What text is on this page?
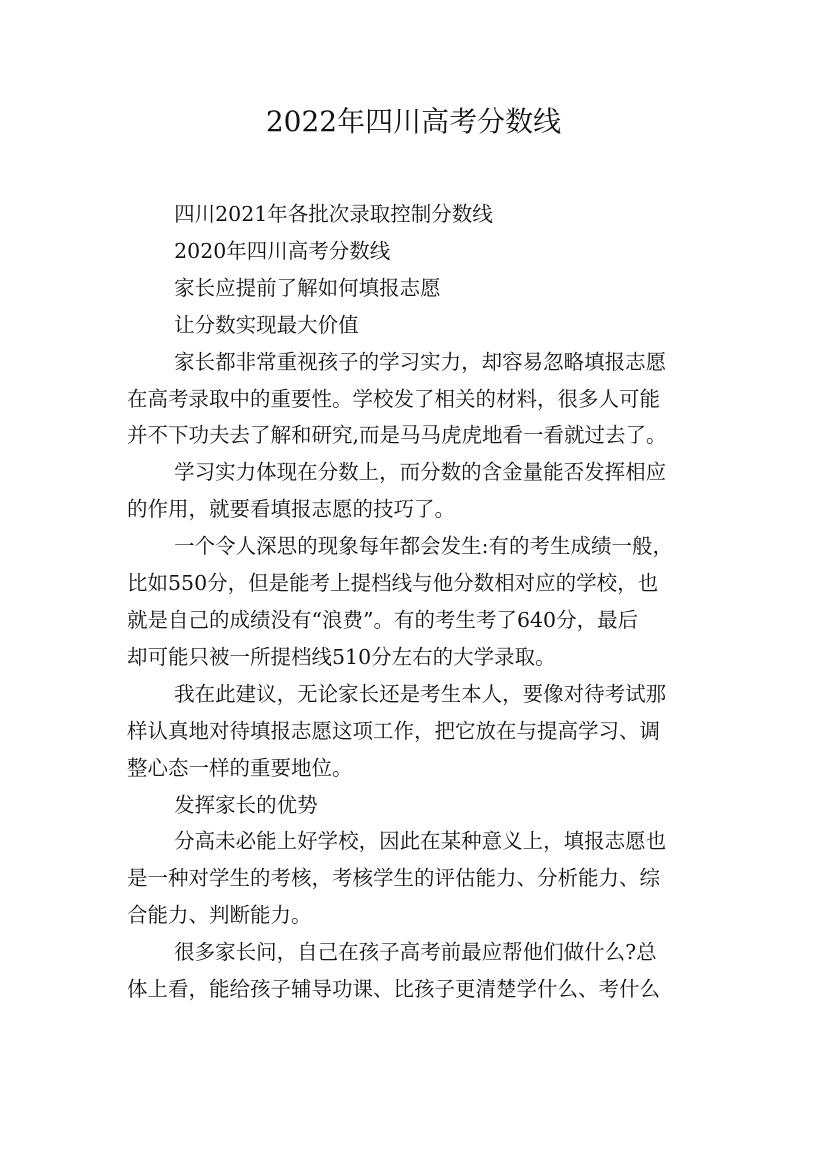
2022年四川高考分数线

四川2021年各批次录取控制分数线

2020年四川高考分数线

家长应提前了解如何填报志愿

让分数实现最大价值

家长都非常重视孩子的学习实力，却容易忽略填报志愿
在高考录取中的重要性。学校发了相关的材料，很多人可能
并不下功夫去了解和研究,而是马马虎虎地看一看就过去了。

学习实力体现在分数上，而分数的含金量能否发挥相应
的作用，就要看填报志愿的技巧了。

一个令人深思的现象每年都会发生:有的考生成绩一般，
比如550分，但是能考上提档线与他分数相对应的学校，也
就是自己的成绩没有“浪费”。有的考生考了640分，最后
却可能只被一所提档线510分左右的大学录取。

我在此建议，无论家长还是考生本人，要像对待考试那
样认真地对待填报志愿这项工作，把它放在与提高学习、调
整心态一样的重要地位。

发挥家长的优势

分高未必能上好学校，因此在某种意义上，填报志愿也
是一种对学生的考核，考核学生的评估能力、分析能力、综
合能力、判断能力。

很多家长问，自己在孩子高考前最应帮他们做什么?总
体上看，能给孩子辅导功课、比孩子更清楚学什么、考什么
